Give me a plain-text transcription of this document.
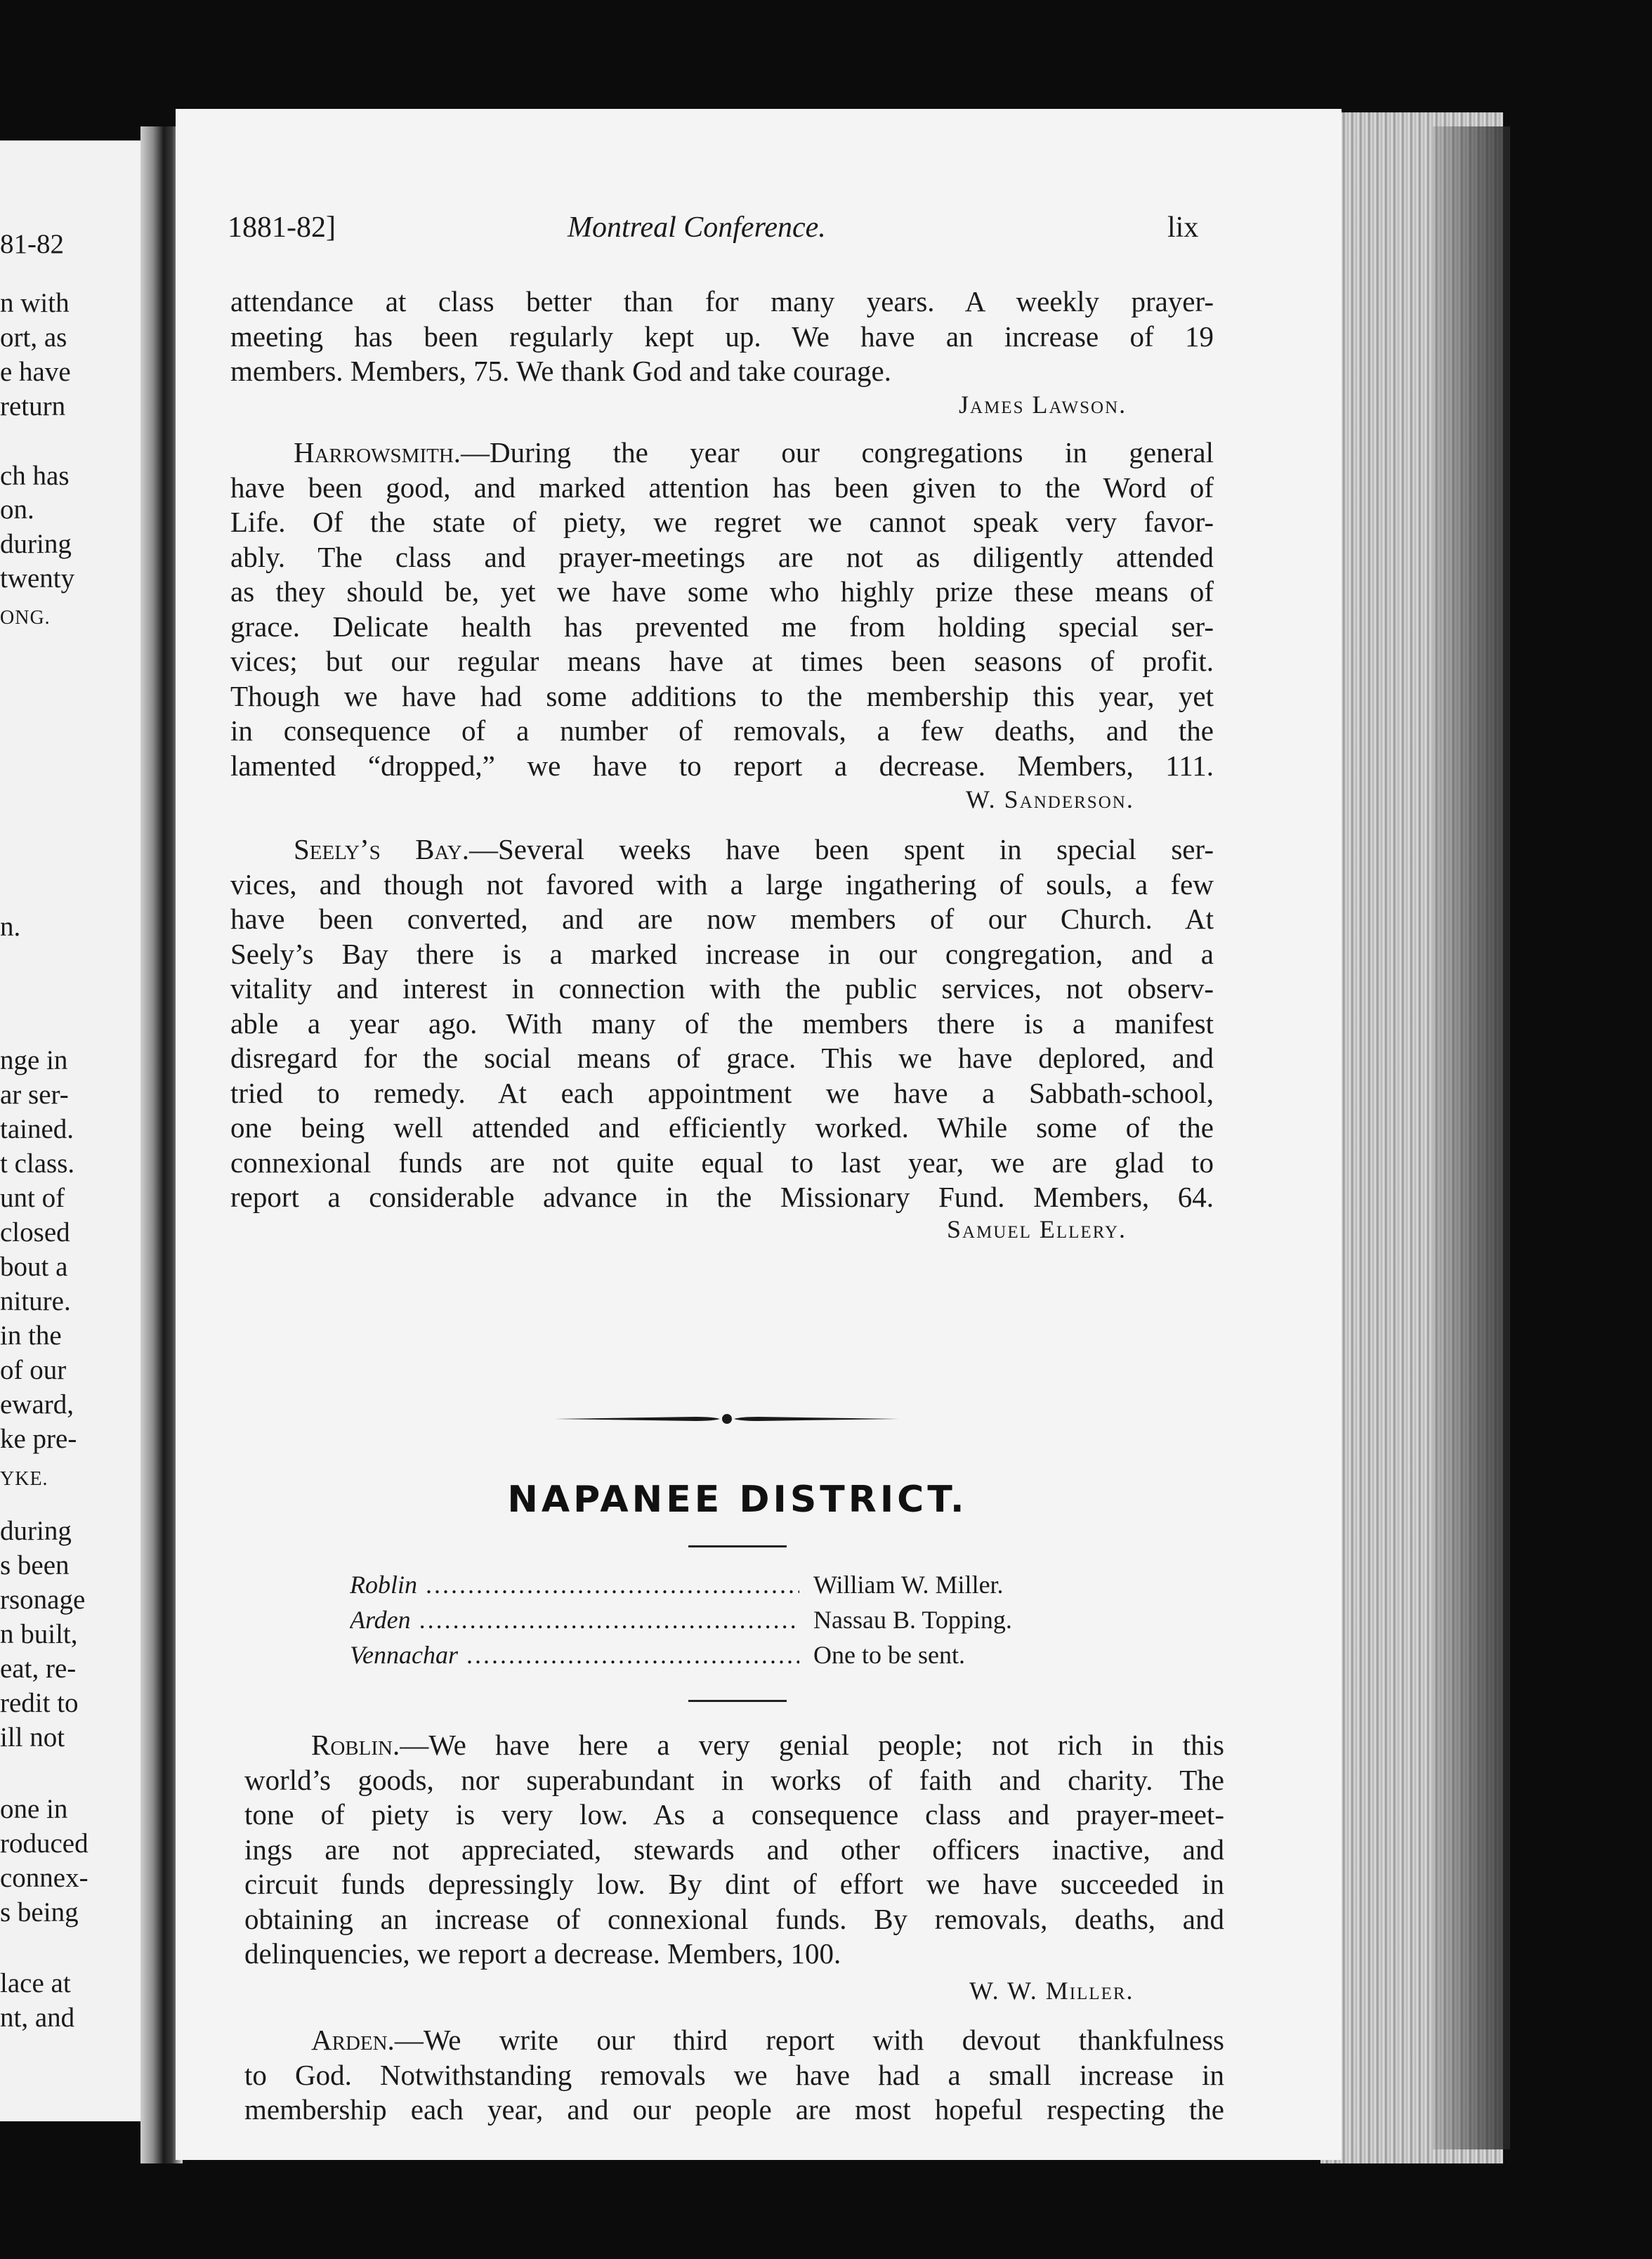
81-82
n with
ort, as
e have
return
ch has
on.
during
twenty
ONG.
n.
nge in
ar ser-
tained.
t class.
unt of
closed
bout a
niture.
in the
of our
eward,
ke pre-
YKE.
during
s been
rsonage
n built,
eat, re-
redit to
ill not
one in
roduced
connex-
s being
lace at
nt, and
1881-82]	Montreal Conference.	lix
attendance at class better than for many years. A weekly prayer-
meeting has been regularly kept up. We have an increase of 19
members. Members, 75. We thank God and take courage.
James Lawson.
Harrowsmith.—During the year our congregations in general
have been good, and marked attention has been given to the Word of
Life. Of the state of piety, we regret we cannot speak very favor-
ably. The class and prayer-meetings are not as diligently attended
as they should be, yet we have some who highly prize these means of
grace. Delicate health has prevented me from holding special ser-
vices; but our regular means have at times been seasons of profit.
Though we have had some additions to the membership this year, yet
in consequence of a number of removals, a few deaths, and the
lamented “dropped,” we have to report a decrease. Members, 111.
W. Sanderson.
Seely’s Bay.—Several weeks have been spent in special ser-
vices, and though not favored with a large ingathering of souls, a few
have been converted, and are now members of our Church. At
Seely’s Bay there is a marked increase in our congregation, and a
vitality and interest in connection with the public services, not observ-
able a year ago. With many of the members there is a manifest
disregard for the social means of grace. This we have deplored, and
tried to remedy. At each appointment we have a Sabbath-school,
one being well attended and efficiently worked. While some of the
connexional funds are not quite equal to last year, we are glad to
report a considerable advance in the Missionary Fund. Members, 64.
Samuel Ellery.
NAPANEE DISTRICT.
Roblin .....	William W. Miller.
Arden .....	Nassau B. Topping.
Vennachar .....	One to be sent.
Roblin.—We have here a very genial people; not rich in this
world’s goods, nor superabundant in works of faith and charity. The
tone of piety is very low. As a consequence class and prayer-meet-
ings are not appreciated, stewards and other officers inactive, and
circuit funds depressingly low. By dint of effort we have succeeded in
obtaining an increase of connexional funds. By removals, deaths, and
delinquencies, we report a decrease. Members, 100.
W. W. Miller.
Arden.—We write our third report with devout thankfulness
to God. Notwithstanding removals we have had a small increase in
membership each year, and our people are most hopeful respecting the
